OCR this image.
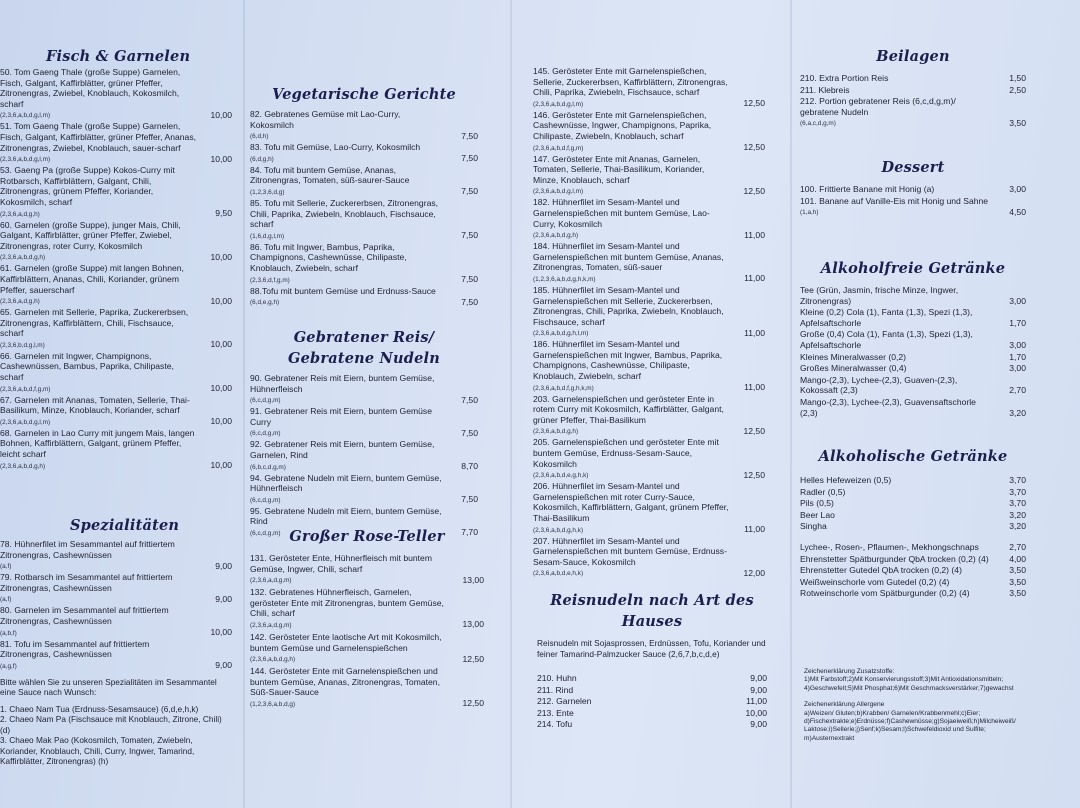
Fisch & Garnelen
50. Tom Gaeng Thale (große Suppe) Garnelen, Fisch, Galgant, Kaffirblätter, grüner Pfeffer, Zitronengras, Zwiebel, Knoblauch, Kokosmilch, scharf
(2,3,6,a,b,d,g,l,m)	10,00
51. Tom Gaeng Thale (große Suppe) Garnelen, Fisch, Galgant, Kaffirblätter, grüner Pfeffer, Ananas, Zitronengras, Zwiebel, Knoblauch, sauer-scharf
(2,3,6,a,b,d,g,l,m)	10,00
53. Gaeng Pa (große Suppe) Kokos-Curry mit Rotbarsch, Kaffirblättern, Galgant, Chili, Zitronengras, grünem Pfeffer, Koriander, Kokosmilch, scharf
(2,3,6,a,d,g,h)	9,50
60. Garnelen (große Suppe), junger Mais, Chili, Galgant, Kaffirblätter, grüner Pfeffer, Zwiebel, Zitronengras, roter Curry, Kokosmilch
(2,3,6,a,b,d,g,h)	10,00
61. Garnelen (große Suppe) mit langen Bohnen, Kaffirblättern, Ananas, Chili, Koriander, grünem Pfeffer, sauerscharf
(2,3,6,a,d,g,h)	10,00
65. Garnelen mit Sellerie, Paprika, Zuckererbsen, Zitronengras, Kaffirblättern, Chili, Fischsauce, scharf
(2,3,6,b,d,g,l,m)	10,00
66. Garnelen mit Ingwer, Champignons, Cashewnüssen, Bambus, Paprika, Chilipaste, scharf
(2,3,6,a,b,d,f,g,m)	10,00
67. Garnelen mit Ananas, Tomaten, Sellerie, Thai-Basilikum, Minze, Knoblauch, Koriander, scharf
(2,3,6,a,b,d,g,l,m)	10,00
68. Garnelen in Lao Curry mit jungem Mais, langen Bohnen, Kaffirblättern, Galgant, grünem Pfeffer, leicht scharf
(2,3,6,a,b,d,g,h)	10,00
Spezialitäten
78. Hühnerfilet im Sesammantel auf frittiertem Zitronengras, Cashewnüssen
(a,f)	9,00
79. Rotbarsch im Sesammantel auf frittiertem Zitronengras, Cashewnüssen
(a,f)	9,00
80. Garnelen im Sesammantel auf frittiertem Zitronengras, Cashewnüssen
(a,b,f)	10,00
81. Tofu im Sesammantel auf frittiertem Zitronengras, Cashewnüssen
(a,g,f)	9,00
Bitte wählen Sie zu unseren Spezialitäten im Sesammantel eine Sauce nach Wunsch:
1. Chaeo Nam Tua (Erdnuss-Sesamsauce) (6,d,e,h,k)
2. Chaeo Nam Pa (Fischsauce mit Knoblauch, Zitrone, Chili) (d)
3. Chaeo Mak Pao (Kokosmilch, Tomaten, Zwiebeln, Koriander, Knoblauch, Chili, Curry, Ingwer, Tamarind, Kaffirblätter, Zitronengras) (h)
Vegetarische Gerichte
82. Gebratenes Gemüse mit Lao-Curry, Kokosmilch
(6,d,h)	7,50
83. Tofu mit Gemüse, Lao-Curry, Kokosmilch
(6,d,g,h)	7,50
84. Tofu mit buntem Gemüse, Ananas, Zitronengras, Tomaten, süß-saurer-Sauce
(1,2,3,6,d,g)	7,50
85. Tofu mit Sellerie, Zuckererbsen, Zitronengras, Chili, Paprika, Zwiebeln, Knoblauch, Fischsauce, scharf
(1,6,d,g,l,m)	7,50
86. Tofu mit Ingwer, Bambus, Paprika, Champignons, Cashewnüsse, Chilipaste, Knoblauch, Zwiebeln, scharf
(2,3,6,d,f,g,m)	7,50
88.Tofu mit buntem Gemüse und Erdnuss-Sauce
(6,d,e,g,h)	7,50
Gebratener Reis/
Gebratene Nudeln
90. Gebratener Reis mit Eiern, buntem Gemüse, Hühnerfleisch
(6,c,d,g,m)	7,50
91. Gebratener Reis mit Eiern, buntem Gemüse Curry
(6,c,d,g,m)	7,50
92. Gebratener Reis mit Eiern, buntem Gemüse, Garnelen, Rind
(6,b,c,d,g,m)	8,70
94. Gebratene Nudeln mit Eiern, buntem Gemüse, Hühnerfleisch
(6,c,d,g,m)	7,50
95. Gebratene Nudeln mit Eiern, buntem Gemüse, Rind
(6,c,d,g,m)	7,70
Großer Rose-Teller
131. Gerösteter Ente, Hühnerfleisch mit buntem Gemüse, Ingwer, Chili, scharf
(2,3,6,a,d,g,m)	13,00
132. Gebratenes Hühnerfleisch, Garnelen, gerösteter Ente mit Zitronengras, buntem Gemüse, Chili, scharf
(2,3,6,a,d,g,m)	13,00
142. Gerösteter Ente laotische Art mit Kokosmilch, buntem Gemüse und Garnelenspießchen
(2,3,6,a,b,d,g,h)	12,50
144. Gerösteter Ente mit Garnelenspießchen und buntem Gemüse, Ananas, Zitronengras, Tomaten, Süß-Sauer-Sauce
(1,2,3,6,a,b,d,g)	12,50
145. Gerösteter Ente mit Garnelenspießchen, Sellerie, Zuckererbsen, Kaffirblättern, Zitronengras, Chili, Paprika, Zwiebeln, Fischsauce, scharf
(2,3,6,a,b,d,g,l,m)	12,50
146. Gerösteter Ente mit Garnelenspießchen, Cashewnüsse, Ingwer, Champignons, Paprika, Chilipaste, Zwiebeln, Knoblauch, scharf
(2,3,6,a,b,d,f,g,m)	12,50
147. Gerösteter Ente mit Ananas, Garnelen, Tomaten, Sellerie, Thai-Basilikum, Koriander, Minze, Knoblauch, scharf
(2,3,6,a,b,d,g,l,m)	12,50
182. Hühnerfilet im Sesam-Mantel und Garnelenspießchen mit buntem Gemüse, Lao-Curry, Kokosmilch
(2,3,6,a,b,d,g,h)	11,00
184. Hühnerfilet im Sesam-Mantel und Garnelenspießchen mit buntem Gemüse, Ananas, Zitronengras, Tomaten, süß-sauer
(1,2,3,6,a,b,d,g,h,k,m)	11,00
185. Hühnerfilet im Sesam-Mantel und Garnelenspießchen mit Sellerie, Zuckererbsen, Zitronengras, Chili, Paprika, Zwiebeln, Knoblauch, Fischsauce, scharf
(2,3,6,a,b,d,g,h,l,m)	11,00
186. Hühnerfilet im Sesam-Mantel und Garnelenspießchen mit Ingwer, Bambus, Paprika, Champignons, Cashewnüsse, Chilipaste, Knoblauch, Zwiebeln, scharf
(2,3,6,a,b,d,f,g,h,k,m)	11,00
203. Garnelenspießchen und gerösteter Ente in rotem Curry mit Kokosmilch, Kaffirblätter, Galgant, grüner Pfeffer, Thai-Basilikum
(2,3,6,a,b,d,g,h)	12,50
205. Garnelenspießchen und gerösteter Ente mit buntem Gemüse, Erdnuss-Sesam-Sauce, Kokosmilch
(2,3,6,a,b,d,e,g,h,k)	12,50
206. Hühnerfilet im Sesam-Mantel und Garnelenspießchen mit roter Curry-Sauce, Kokosmilch, Kaffirblättern, Galgant, grünem Pfeffer, Thai-Basilikum
(2,3,6,a,b,d,g,h,k)	11,00
207. Hühnerfilet im Sesam-Mantel und Garnelenspießchen mit buntem Gemüse, Erdnuss- Sesam-Sauce, Kokosmilch
(2,3,6,a,b,d,e,h,k)	12,00
Reisnudeln nach Art des
Hauses
Reisnudeln mit Sojasprossen, Erdnüssen, Tofu, Koriander und feiner Tamarind-Palmzucker Sauce (2,6,7,b,c,d,e)
210. Huhn	9,00
211. Rind	9,00
212. Garnelen	11,00
213. Ente	10,00
214. Tofu	9,00
Beilagen
210. Extra Portion Reis	1,50
211. Klebreis	2,50
212. Portion gebratener Reis (6,c,d,g,m)/ gebratene Nudeln
(6,a,c,d,g,m)	3,50
Dessert
100. Frittierte Banane mit Honig (a)	3,00
101. Banane auf Vanille-Eis mit Honig und Sahne
(1,a,h)	4,50
Alkoholfreie Getränke
Tee (Grün, Jasmin, frische Minze, Ingwer, Zitronengras)	3,00
Kleine (0,2) Cola (1), Fanta (1,3), Spezi (1,3), Apfelsaftschorle	1,70
Große (0,4) Cola (1), Fanta (1,3), Spezi (1,3), Apfelsaftschorle	3,00
Kleines Mineralwasser (0,2)	1,70
Großes Mineralwasser (0,4)	3,00
Mango-(2,3), Lychee-(2,3), Guaven-(2,3), Kokossaft (2,3)	2,70
Mango-(2,3), Lychee-(2,3), Guavensaftschorle (2,3)	3,20
Alkoholische Getränke
Helles Hefeweizen (0,5)	3,70
Radler (0,5)	3,70
Pils (0,5)	3,70
Beer Lao	3,20
Singha	3,20
Lychee-, Rosen-, Pflaumen-, Mekhongschnaps	2,70
Ehrenstetter Spätburgunder QbA trocken (0,2) (4)	4,00
Ehrenstetter Gutedel QbA trocken (0,2) (4)	3,50
Weißweinschorle vom Gutedel (0,2) (4)	3,50
Rotweinschorle vom Spätburgunder (0,2) (4)	3,50
Zeichenerklärung Zusatzstoffe:
1)Mit Farbstoff;2)Mit Konservierungsstoff;3)Mit Antioxidationsmitteln; 4)Geschwefelt;5)Mit Phosphat;6)Mit Geschmacksverstärker;7)gewachst
Zeichenerklärung Allergene
a)Weizen/ Gluten;b)Krabben/ Garnelen/Krabbenmehl;c)Eier; d)Fischextrakte;e)Erdnüsse;f)Cashewnüsse;g)Sojaeiweiß;h)Milcheiweiß/ Laktose;i)Sellerie;j)Senf;k)Sesam;l)Schwefeldioxid und Sulfite; m)Austernextrakt
